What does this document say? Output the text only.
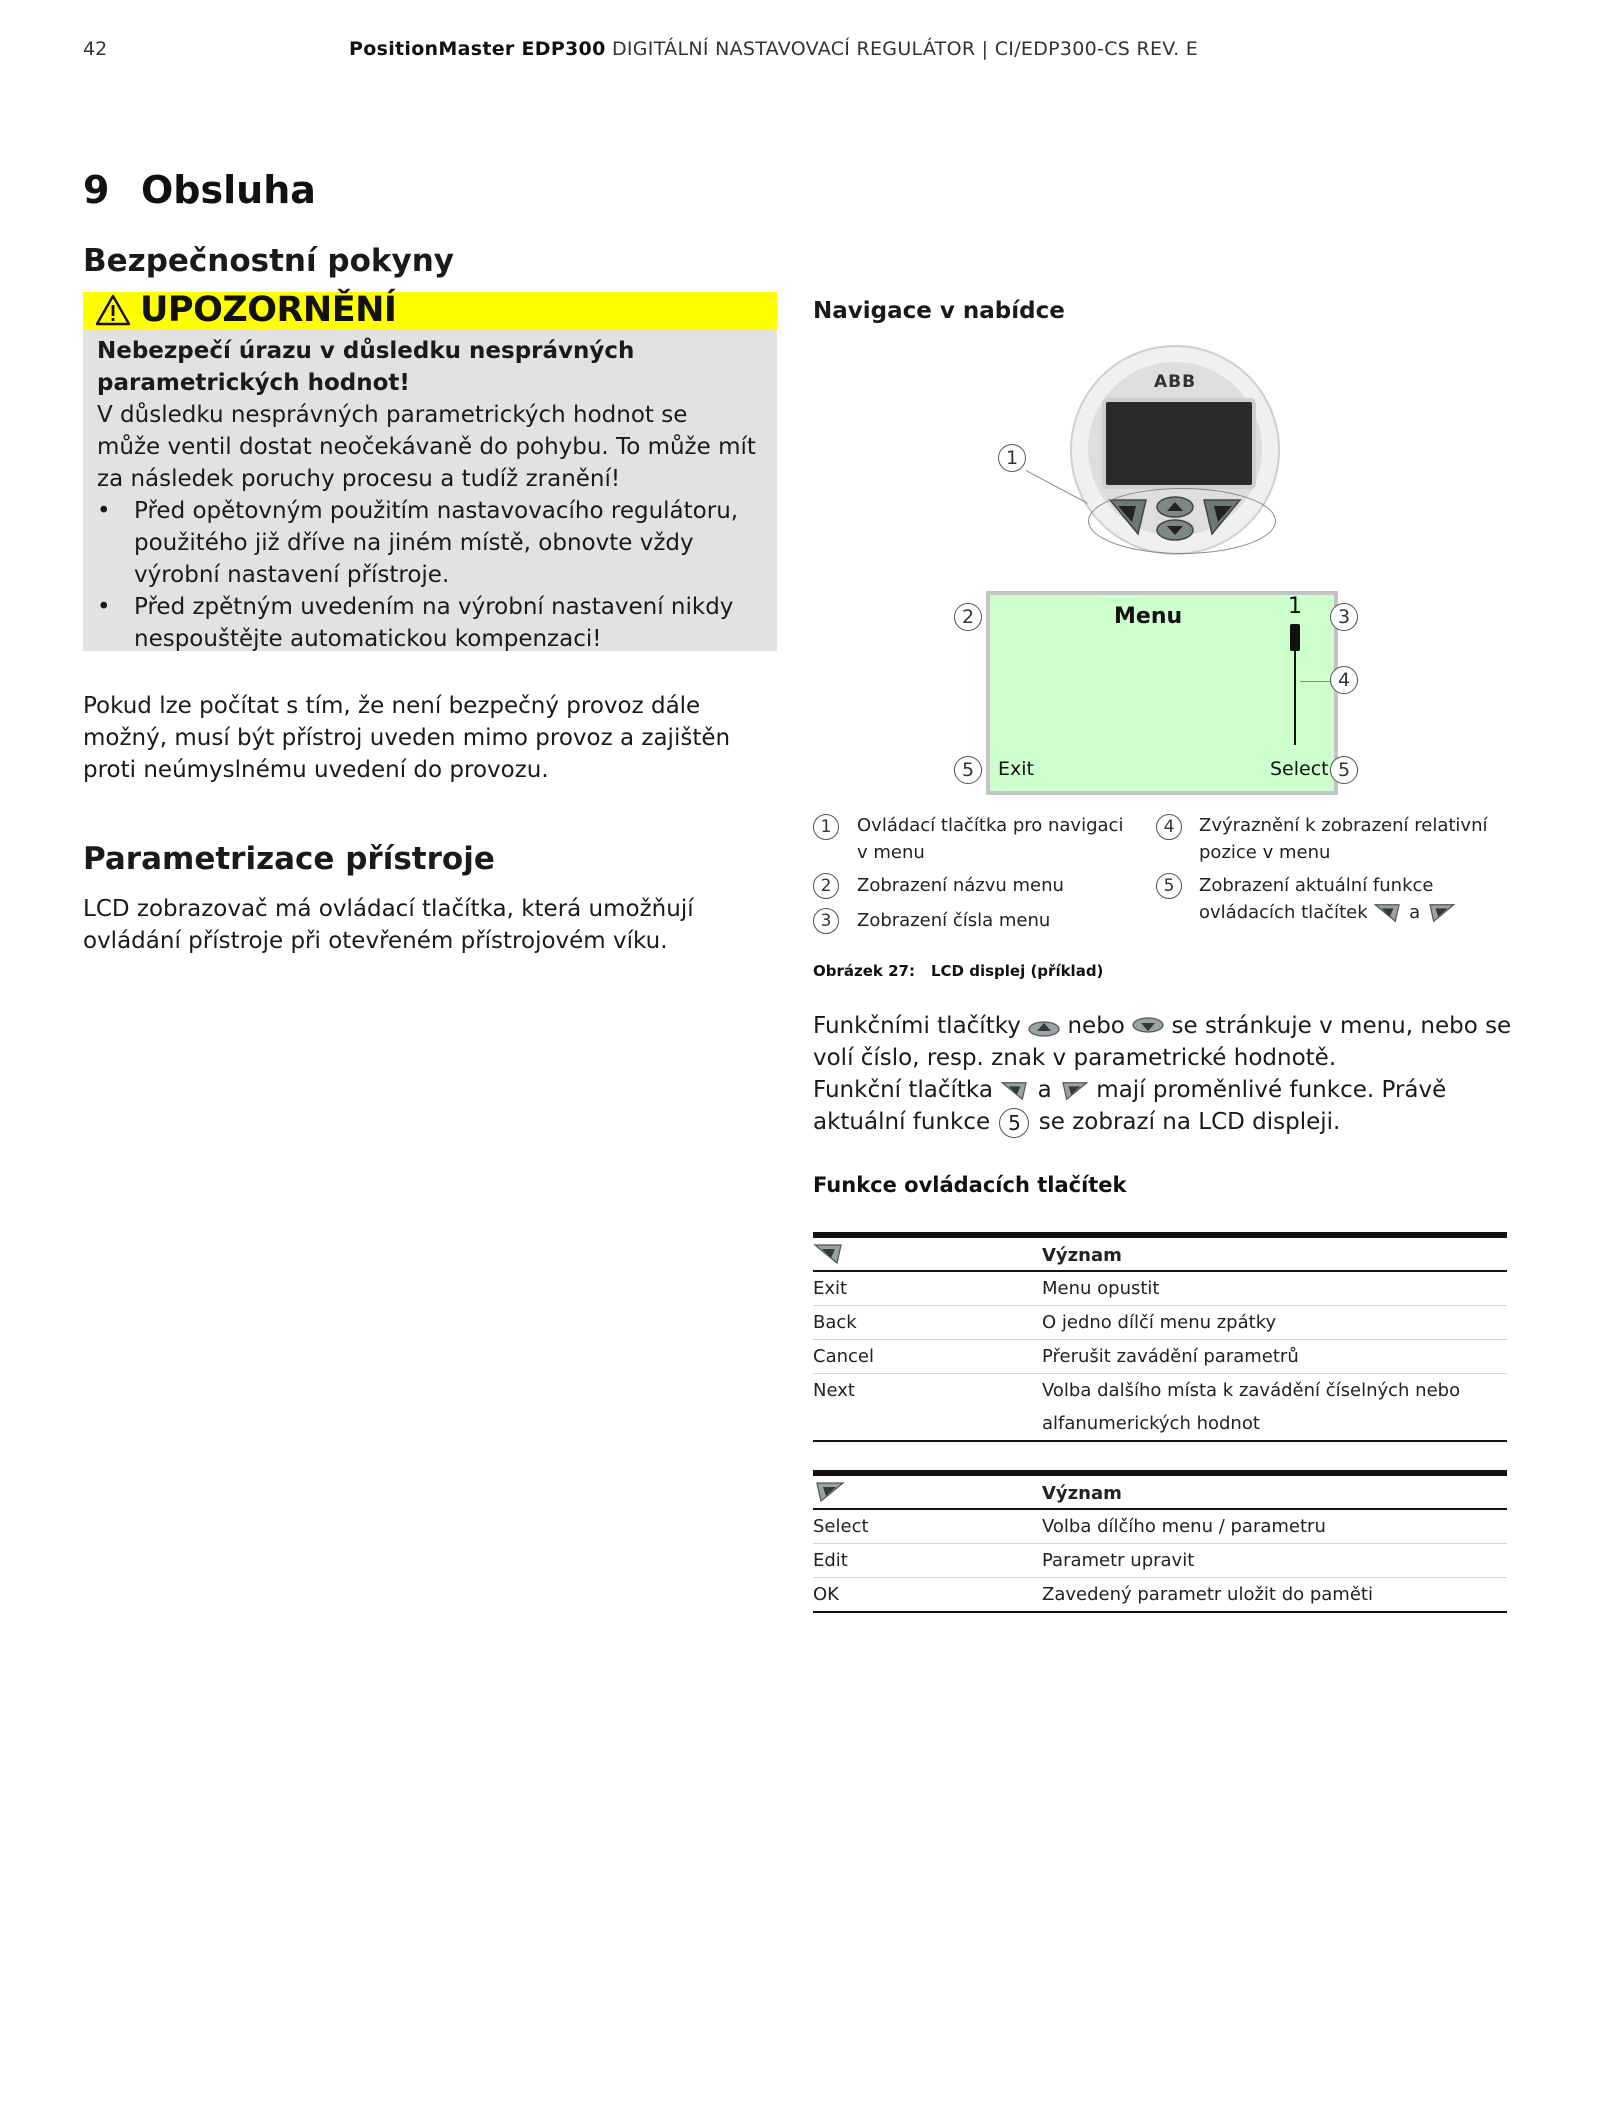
42	PositionMaster EDP300 DIGITÁLNÍ NASTAVOVACÍ REGULÁTOR | CI/EDP300-CS REV. E
9 Obsluha
Bezpečnostní pokyny
UPOZORNĚNÍ

Nebezpečí úrazu v důsledku nesprávných parametrických hodnot!

V důsledku nesprávných parametrických hodnot se může ventil dostat neočekávaně do pohybu. To může mít za následek poruchy procesu a tudíž zranění!

• Před opětovným použitím nastavovacího regulátoru, použitého již dříve na jiném místě, obnovte vždy výrobní nastavení přístroje.
• Před zpětným uvedením na výrobní nastavení nikdy nespouštějte automatickou kompenzaci!
Pokud lze počítat s tím, že není bezpečný provoz dále možný, musí být přístroj uveden mimo provoz a zajištěn proti neúmyslnému uvedení do provozu.
Parametrizace přístroje
LCD zobrazovač má ovládací tlačítka, která umožňují ovládání přístroje při otevřeném přístrojovém víku.
Navigace v nabídce
ABB
1
Menu	1
Exit	Select
2	3
4
5	5
1	Ovládací tlačítka pro navigaci v menu
2	Zobrazení názvu menu
3	Zobrazení čísla menu
4	Zvýraznění k zobrazení relativní pozice v menu
5	Zobrazení aktuální funkce ovládacích tlačítek a
Obrázek 27: LCD displej (příklad)
Funkčními tlačítky nebo se stránkuje v menu, nebo se volí číslo, resp. znak v parametrické hodnotě.
Funkční tlačítka a mají proměnlivé funkce. Právě aktuální funkce 5 se zobrazí na LCD displeji.
Funkce ovládacích tlačítek
	Význam
Exit	Menu opustit
Back	O jedno dílčí menu zpátky
Cancel	Přerušit zavádění parametrů
Next	Volba dalšího místa k zavádění číselných nebo alfanumerických hodnot
	Význam
Select	Volba dílčího menu / parametru
Edit	Parametr upravit
OK	Zavedený parametr uložit do paměti
